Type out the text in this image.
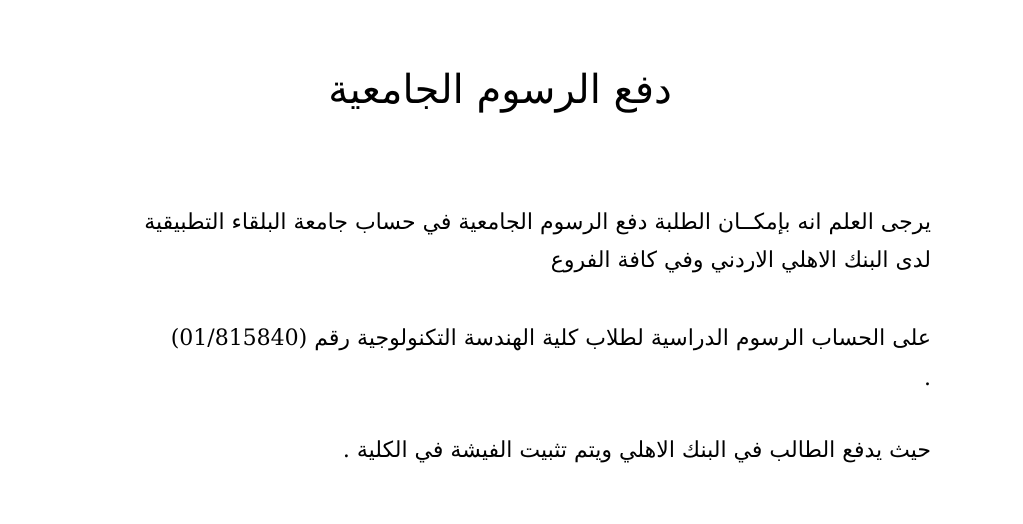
دفع الرسوم الجامعية

يرجى العلم انه بإمكــان الطلبة دفع الرسوم الجامعية في حساب جامعة البلقاء التطبيقية

لدى البنك الاهلي الاردني وفي كافة الفروع

على الحساب الرسوم الدراسية لطلاب كلية الهندسة التكنولوجية رقم (01/815840)

.

حيث يدفع الطالب في البنك الاهلي ويتم تثبيت الفيشة في الكلية .
